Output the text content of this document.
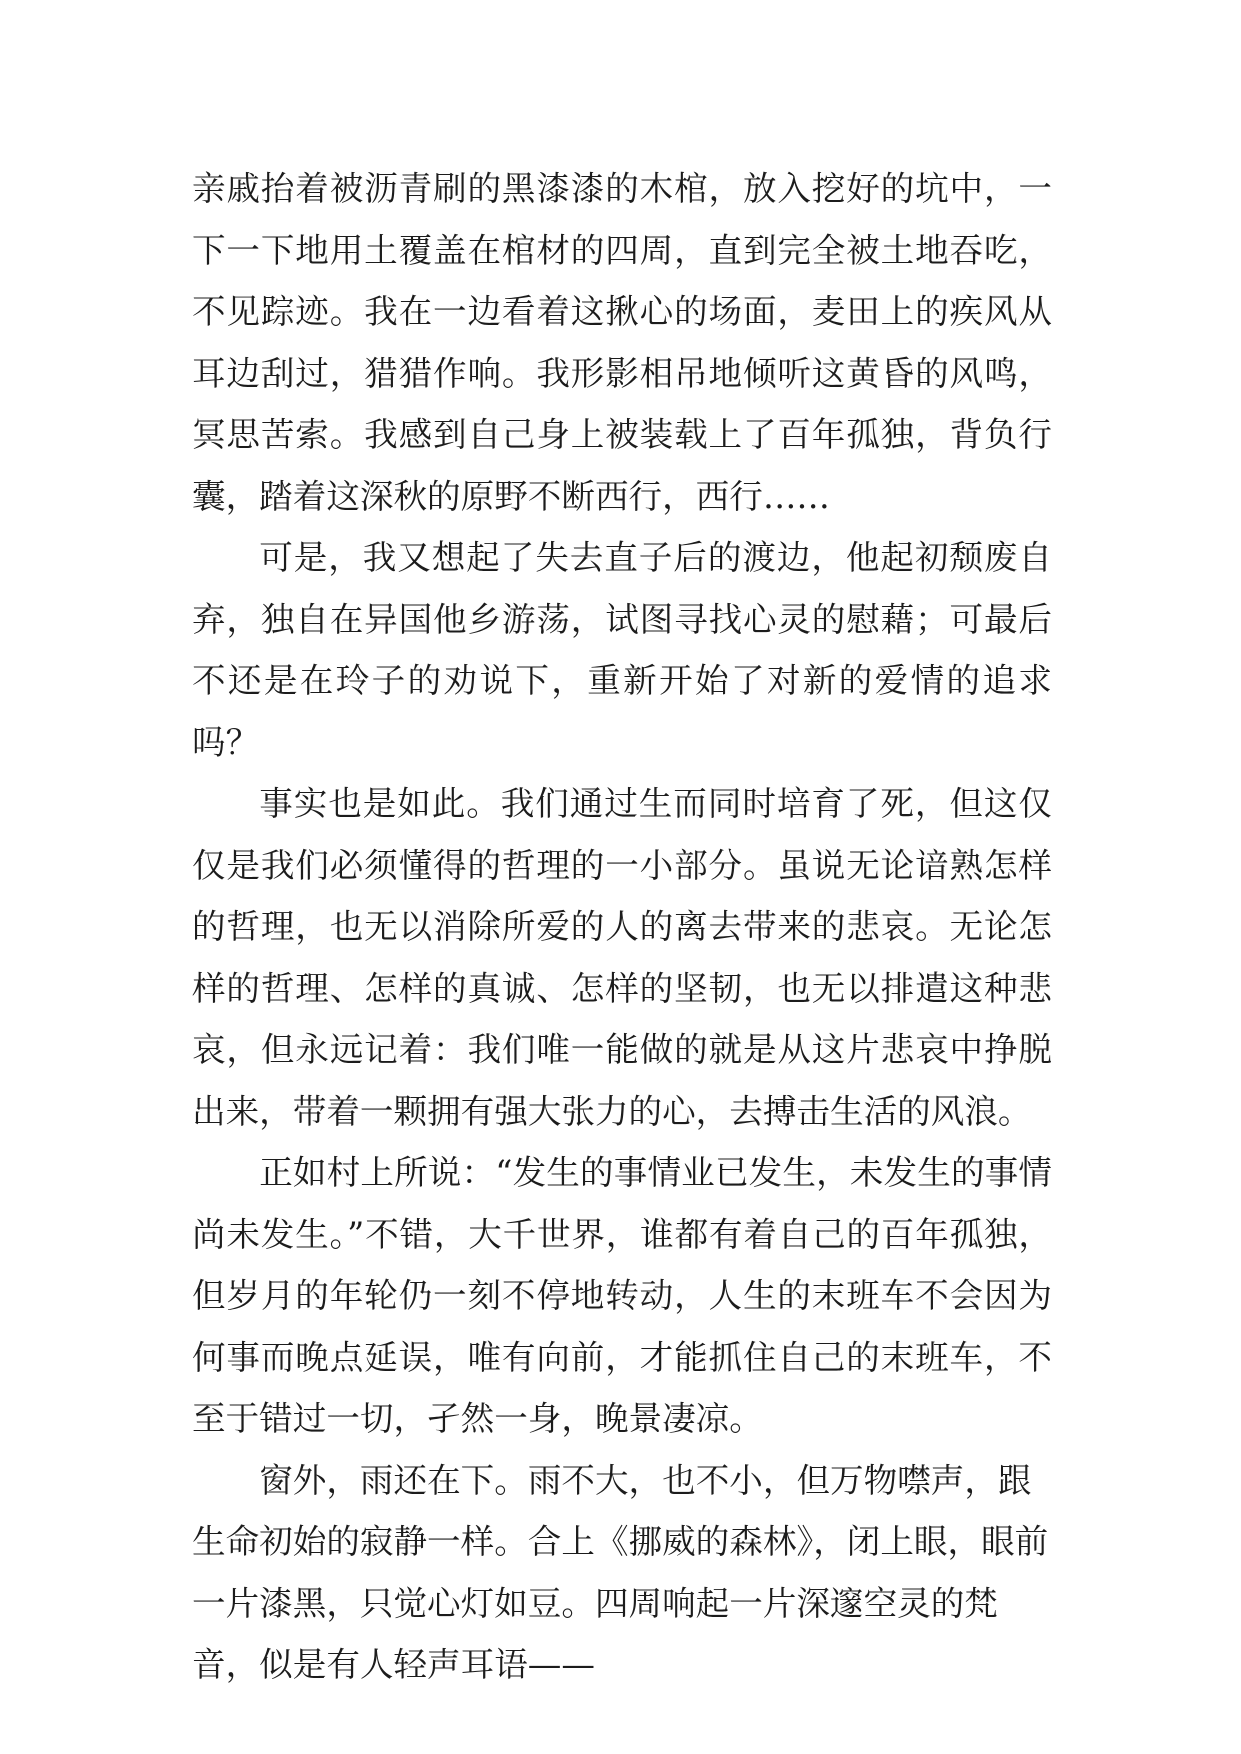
亲戚抬着被沥青刷的黑漆漆的木棺，放入挖好的坑中，一下一下地用土覆盖在棺材的四周，直到完全被土地吞吃，不见踪迹。我在一边看着这揪心的场面，麦田上的疾风从耳边刮过，猎猎作响。我形影相吊地倾听这黄昏的风鸣，冥思苦索。我感到自己身上被装载上了百年孤独，背负行囊，踏着这深秋的原野不断西行，西行……

可是，我又想起了失去直子后的渡边，他起初颓废自弃，独自在异国他乡游荡，试图寻找心灵的慰藉；可最后不还是在玲子的劝说下，重新开始了对新的爱情的追求吗？

事实也是如此。我们通过生而同时培育了死，但这仅仅是我们必须懂得的哲理的一小部分。虽说无论谙熟怎样的哲理，也无以消除所爱的人的离去带来的悲哀。无论怎样的哲理、怎样的真诚、怎样的坚韧，也无以排遣这种悲哀，但永远记着：我们唯一能做的就是从这片悲哀中挣脱出来，带着一颗拥有强大张力的心，去搏击生活的风浪。

正如村上所说：“发生的事情业已发生，未发生的事情尚未发生。”不错，大千世界，谁都有着自己的百年孤独，但岁月的年轮仍一刻不停地转动，人生的末班车不会因为何事而晚点延误，唯有向前，才能抓住自己的末班车，不至于错过一切，孑然一身，晚景凄凉。

窗外，雨还在下。雨不大，也不小，但万物噤声，跟生命初始的寂静一样。合上《挪威的森林》，闭上眼，眼前一片漆黑，只觉心灯如豆。四周响起一片深邃空灵的梵音，似是有人轻声耳语——
